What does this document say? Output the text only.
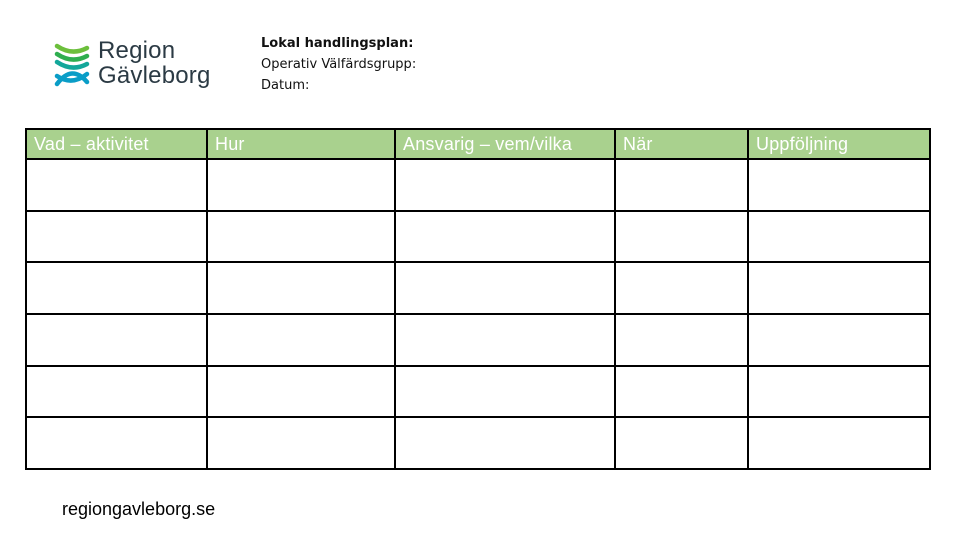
Region
Gävleborg
Lokal handlingsplan:
Operativ Välfärdsgrupp:
Datum:
Vad – aktivitet	Hur	Ansvarig – vem/vilka	När	Uppföljning

regiongavleborg.se
